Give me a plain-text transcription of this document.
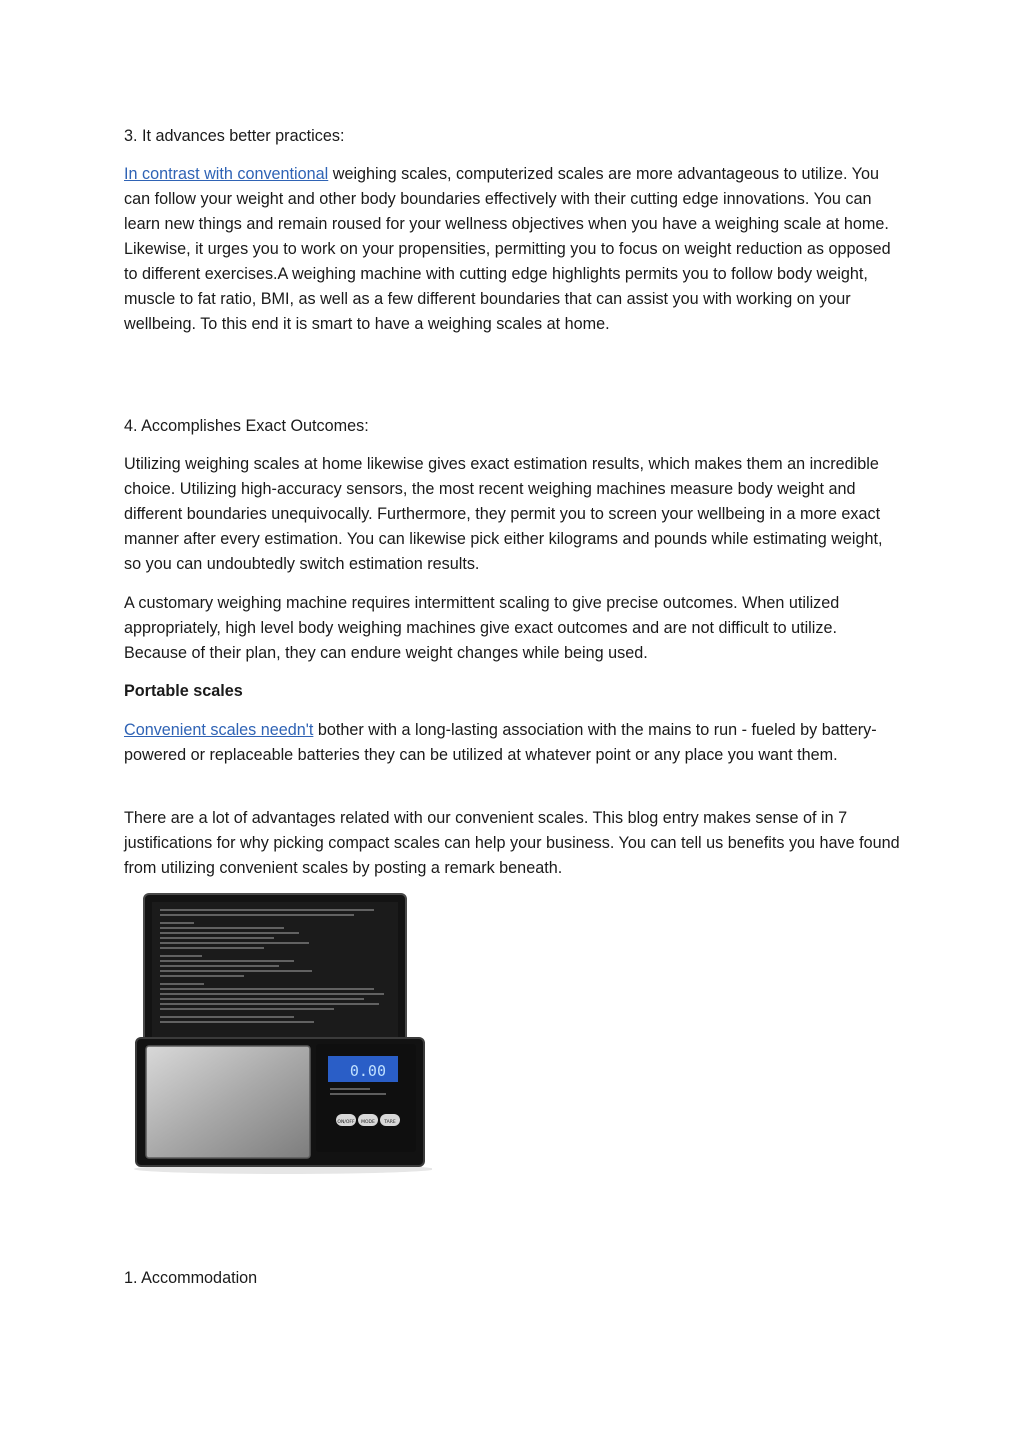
3. It advances better practices:

In contrast with conventional weighing scales, computerized scales are more advantageous to utilize. You can follow your weight and other body boundaries effectively with their cutting edge innovations. You can learn new things and remain roused for your wellness objectives when you have a weighing scale at home. Likewise, it urges you to work on your propensities, permitting you to focus on weight reduction as opposed to different exercises.A weighing machine with cutting edge highlights permits you to follow body weight, muscle to fat ratio, BMI, as well as a few different boundaries that can assist you with working on your wellbeing. To this end it is smart to have a weighing scales at home.

4. Accomplishes Exact Outcomes:

Utilizing weighing scales at home likewise gives exact estimation results, which makes them an incredible choice. Utilizing high-accuracy sensors, the most recent weighing machines measure body weight and different boundaries unequivocally. Furthermore, they permit you to screen your wellbeing in a more exact manner after every estimation. You can likewise pick either kilograms and pounds while estimating weight, so you can undoubtedly switch estimation results.

A customary weighing machine requires intermittent scaling to give precise outcomes. When utilized appropriately, high level body weighing machines give exact outcomes and are not difficult to utilize. Because of their plan, they can endure weight changes while being used.

Portable scales

Convenient scales needn't bother with a long-lasting association with the mains to run - fueled by battery-powered or replaceable batteries they can be utilized at whatever point or any place you want them.

There are a lot of advantages related with our convenient scales. This blog entry makes sense of in 7 justifications for why picking compact scales can help your business. You can tell us benefits you have found from utilizing convenient scales by posting a remark beneath.

0.00
ON/OFF MODE TARE

1. Accommodation
